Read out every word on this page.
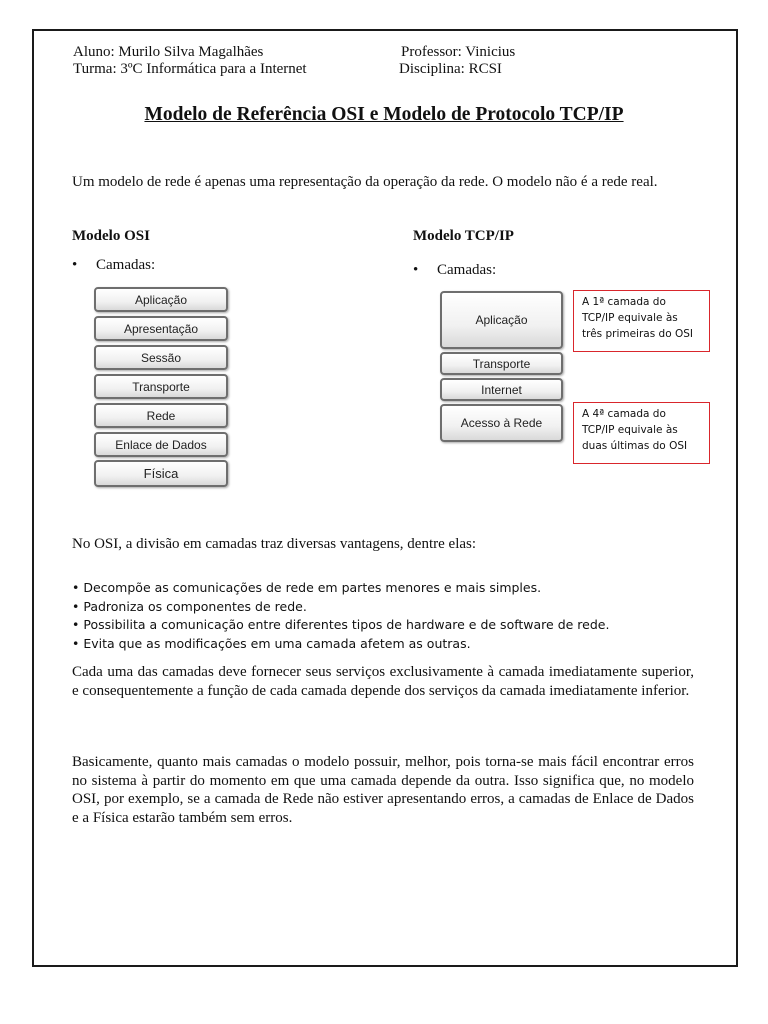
Aluno: Murilo Silva Magalhães
Turma: 3ºC Informática para a Internet
Professor: Vinicius
Disciplina: RCSI
Modelo de Referência OSI e Modelo de Protocolo TCP/IP
Um modelo de rede é apenas uma representação da operação da rede. O modelo não é a rede real.
Modelo OSI
• Camadas:
Aplicação
Apresentação
Sessão
Transporte
Rede
Enlace de Dados
Física
Modelo TCP/IP
• Camadas:
Aplicação
Transporte
Internet
Acesso à Rede
A 1ª camada do TCP/IP equivale às três primeiras do OSI
A 4ª camada do TCP/IP equivale às duas últimas do OSI
No OSI, a divisão em camadas traz diversas vantagens, dentre elas:
• Decompõe as comunicações de rede em partes menores e mais simples.
• Padroniza os componentes de rede.
• Possibilita a comunicação entre diferentes tipos de hardware e de software de rede.
• Evita que as modificações em uma camada afetem as outras.
Cada uma das camadas deve fornecer seus serviços exclusivamente à camada imediatamente superior, e consequentemente a função de cada camada depende dos serviços da camada imediatamente inferior.
Basicamente, quanto mais camadas o modelo possuir, melhor, pois torna-se mais fácil encontrar erros no sistema à partir do momento em que uma camada depende da outra. Isso significa que, no modelo OSI, por exemplo, se a camada de Rede não estiver apresentando erros, a camadas de Enlace de Dados e a Física estarão também sem erros.
